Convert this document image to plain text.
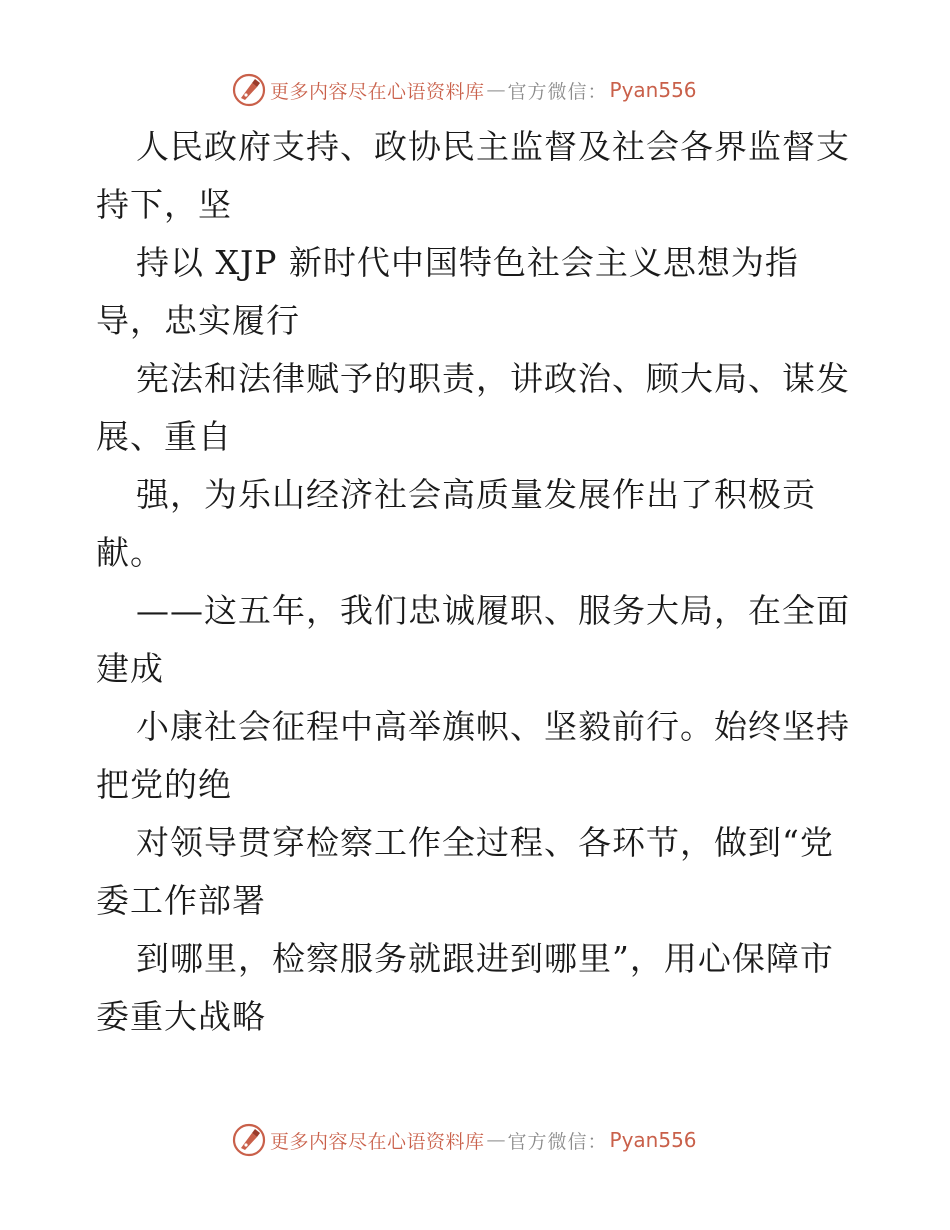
更多内容尽在心语资料库 — 官方微信： Pyan556
人民政府支持、政协民主监督及社会各界监督支
持下，坚
持以 XJP 新时代中国特色社会主义思想为指
导，忠实履行
宪法和法律赋予的职责，讲政治、顾大局、谋发
展、重自
强，为乐山经济社会高质量发展作出了积极贡
献。
——这五年，我们忠诚履职、服务大局，在全面
建成
小康社会征程中高举旗帜、坚毅前行。始终坚持
把党的绝
对领导贯穿检察工作全过程、各环节，做到“党
委工作部署
到哪里，检察服务就跟进到哪里”，用心保障市
委重大战略
更多内容尽在心语资料库 — 官方微信： Pyan556
